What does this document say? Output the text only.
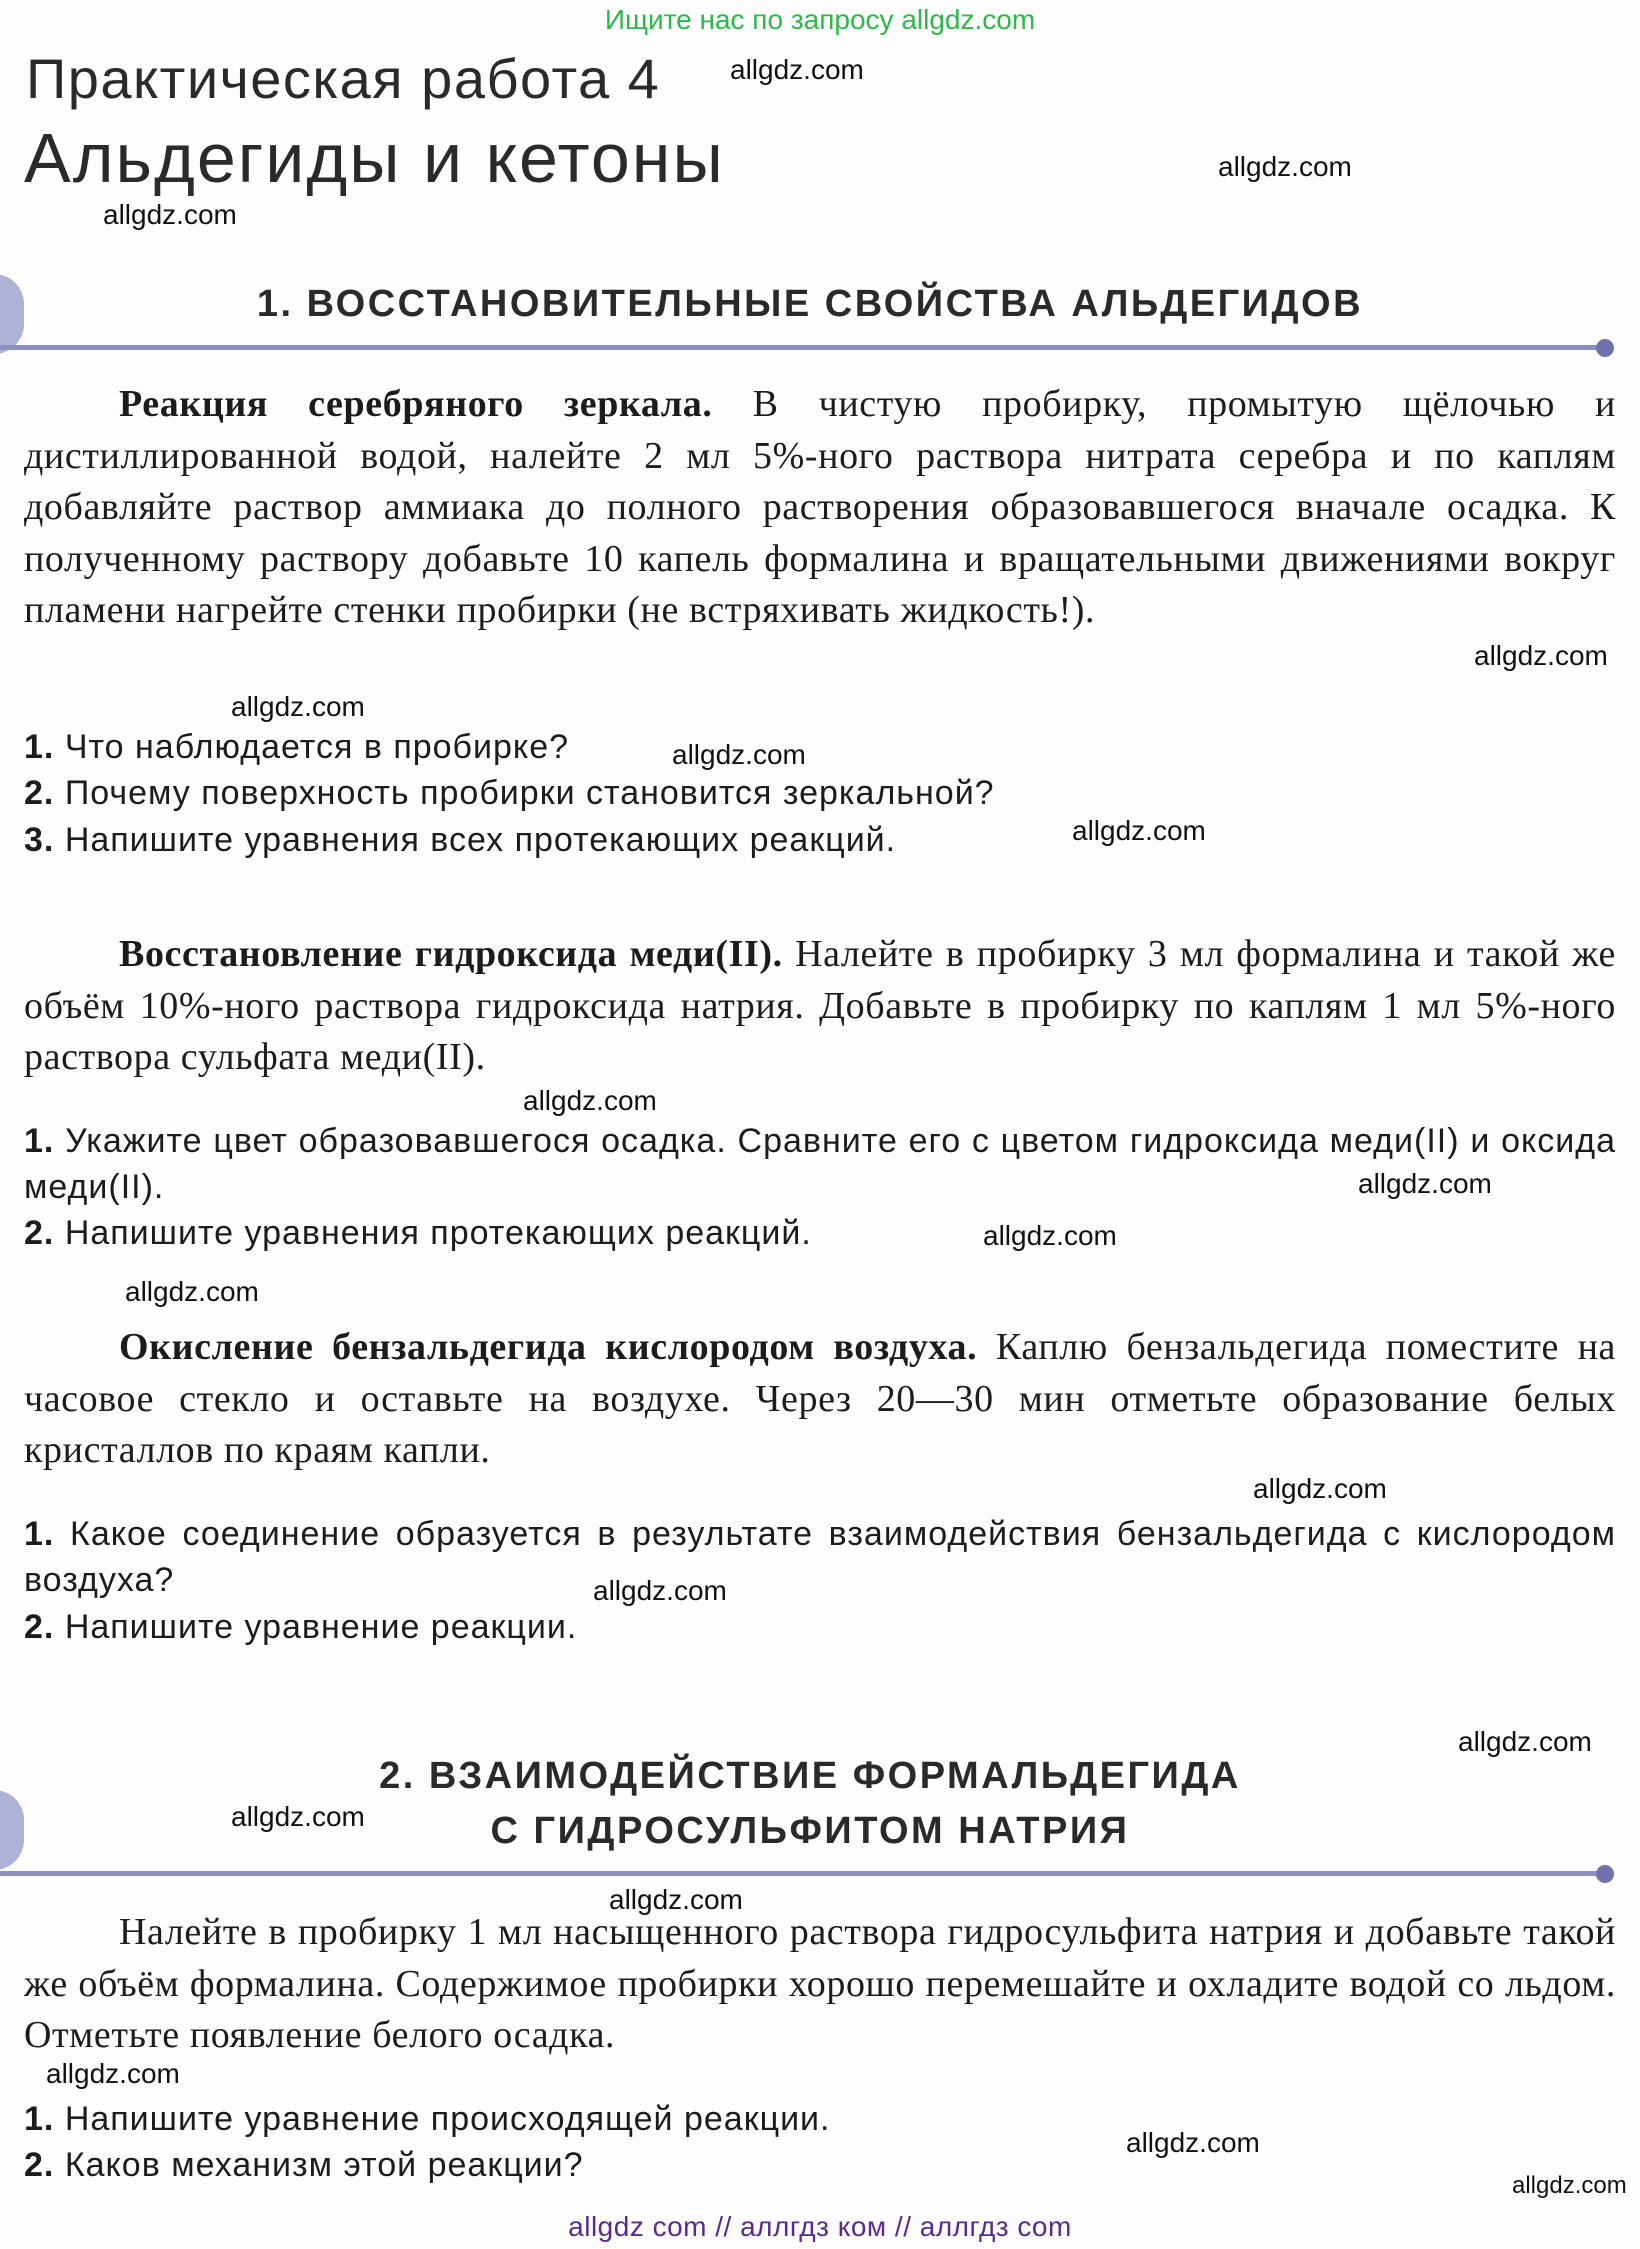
Ищите нас по запросу allgdz.com
Практическая работа 4
Альдегиды и кетоны
1. ВОССТАНОВИТЕЛЬНЫЕ СВОЙСТВА АЛЬДЕГИДОВ
Реакция серебряного зеркала. В чистую пробирку, промытую щёлочью и дистиллированной водой, налейте 2 мл 5%-ного раствора нитрата серебра и по каплям добавляйте раствор аммиака до полного растворения образовавшегося вначале осадка. К полученному раствору добавьте 10 капель формалина и вращательными движениями вокруг пламени нагрейте стенки пробирки (не встряхивать жидкость!).
1. Что наблюдается в пробирке?
2. Почему поверхность пробирки становится зеркальной?
3. Напишите уравнения всех протекающих реакций.
Восстановление гидроксида меди(II). Налейте в пробирку 3 мл формалина и такой же объём 10%-ного раствора гидроксида натрия. Добавьте в пробирку по каплям 1 мл 5%-ного раствора сульфата меди(II).
1. Укажите цвет образовавшегося осадка. Сравните его с цветом гидроксида меди(II) и оксида меди(II).
2. Напишите уравнения протекающих реакций.
Окисление бензальдегида кислородом воздуха. Каплю бензальдегида поместите на часовое стекло и оставьте на воздухе. Через 20—30 мин отметьте образование белых кристаллов по краям капли.
1. Какое соединение образуется в результате взаимодействия бензальдегида с кислородом воздуха?
2. Напишите уравнение реакции.
2. ВЗАИМОДЕЙСТВИЕ ФОРМАЛЬДЕГИДА
С ГИДРОСУЛЬФИТОМ НАТРИЯ
Налейте в пробирку 1 мл насыщенного раствора гидросульфита натрия и добавьте такой же объём формалина. Содержимое пробирки хорошо перемешайте и охладите водой со льдом. Отметьте появление белого осадка.
1. Напишите уравнение происходящей реакции.
2. Каков механизм этой реакции?
allgdz.com
allgdz.com
allgdz.com
allgdz.com
allgdz.com
allgdz.com
allgdz.com
allgdz.com
allgdz.com
allgdz.com
allgdz.com
allgdz.com
allgdz.com
allgdz.com
allgdz.com
allgdz.com
allgdz.com
allgdz.com
allgdz.com
allgdz com // аллгдз ком // аллгдз com
